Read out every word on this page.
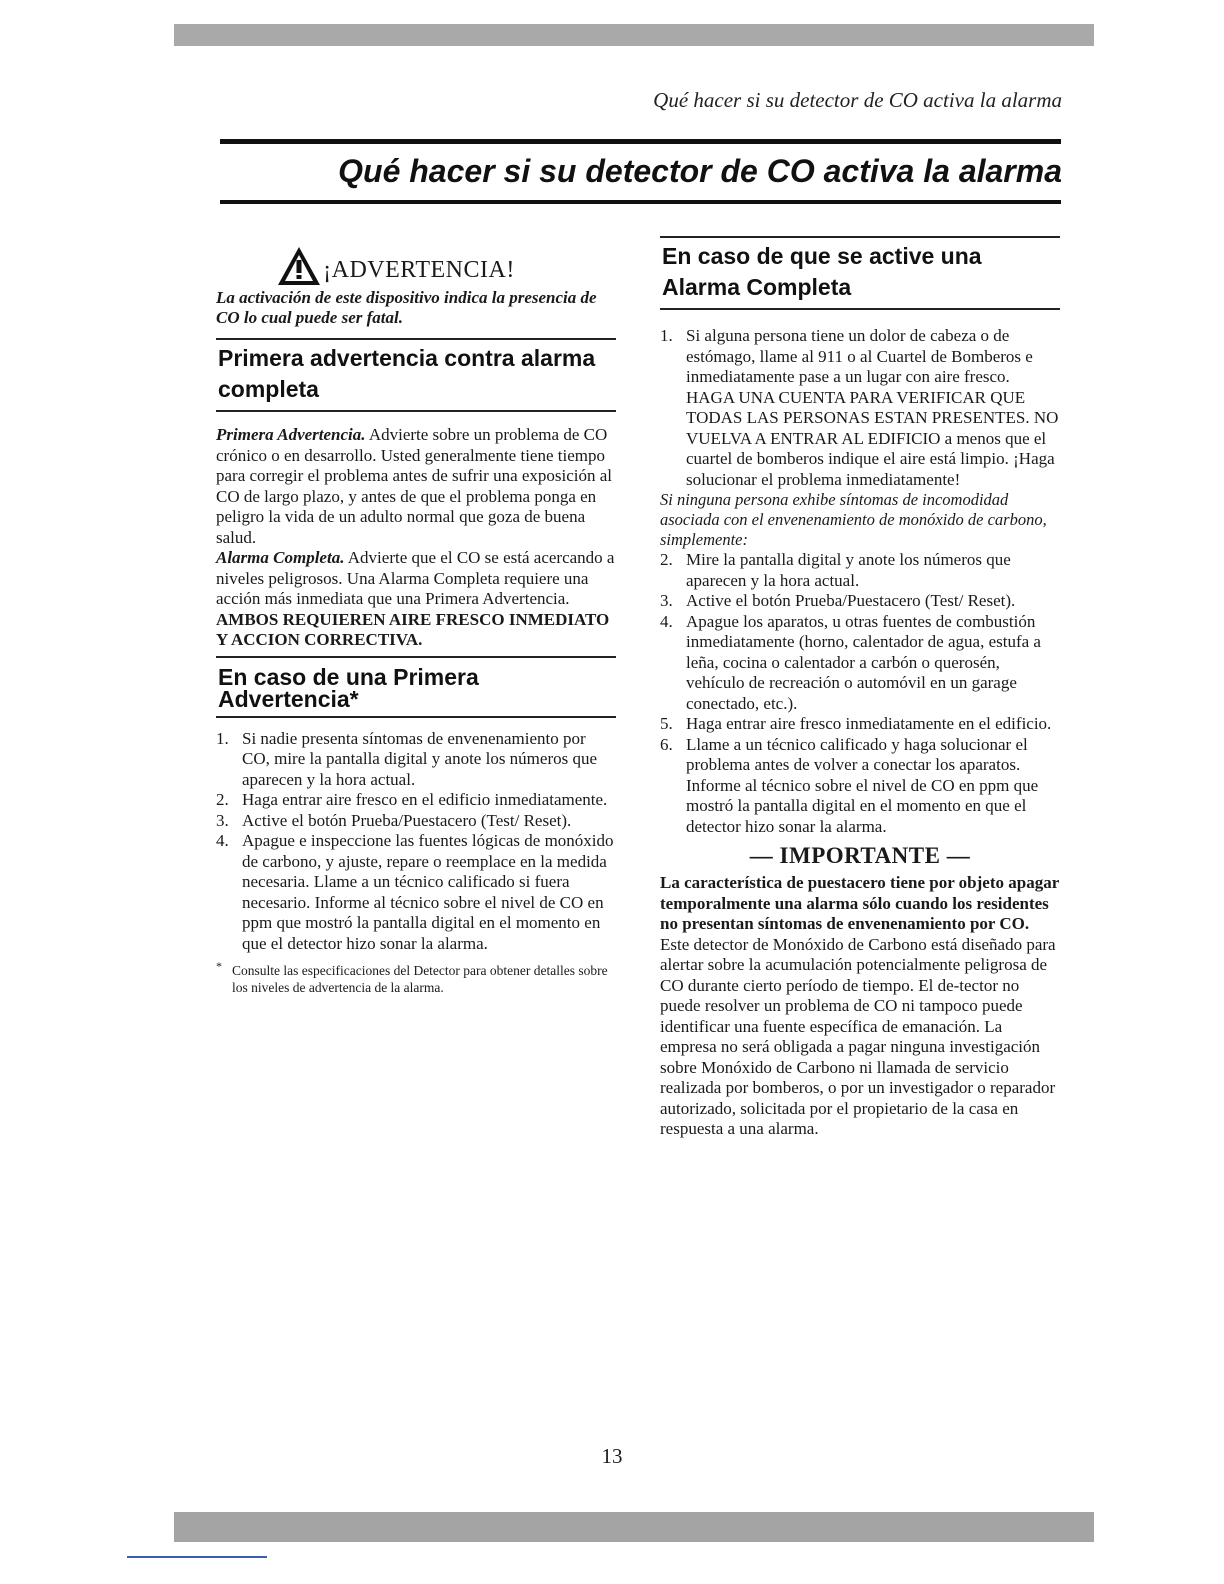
Qué hacer si su detector de CO activa la alarma
Qué hacer si su detector de CO activa la alarma
¡ADVERTENCIA!

La activación de este dispositivo indica la presencia de CO lo cual puede ser fatal.

Primera advertencia contra alarma completa

Primera Advertencia. Advierte sobre un problema de CO crónico o en desarrollo. Usted generalmente tiene tiempo para corregir el problema antes de sufrir una exposición al CO de largo plazo, y antes de que el problema ponga en peligro la vida de un adulto normal que goza de buena salud.

Alarma Completa. Advierte que el CO se está acercando a niveles peligrosos. Una Alarma Completa requiere una acción más inmediata que una Primera Advertencia.

AMBOS REQUIEREN AIRE FRESCO INMEDIATO Y ACCION CORRECTIVA.

En caso de una Primera Advertencia*
1. Si nadie presenta síntomas de envenenamiento por CO, mire la pantalla digital y anote los números que aparecen y la hora actual.
2. Haga entrar aire fresco en el edificio inmediatamente.
3. Active el botón Prueba/Puestacero (Test/ Reset).
4. Apague e inspeccione las fuentes lógicas de monóxido de carbono, y ajuste, repare o reemplace en la medida necesaria. Llame a un técnico calificado si fuera necesario. Informe al técnico sobre el nivel de CO en ppm que mostró la pantalla digital en el momento en que el detector hizo sonar la alarma.
* Consulte las especificaciones del Detector para obtener detalles sobre los niveles de advertencia de la alarma.
En caso de que se active una Alarma Completa
1. Si alguna persona tiene un dolor de cabeza o de estómago, llame al 911 o al Cuartel de Bomberos e inmediatamente pase a un lugar con aire fresco. HAGA UNA CUENTA PARA VERIFICAR QUE TODAS LAS PERSONAS ESTAN PRESENTES. NO VUELVA A ENTRAR AL EDIFICIO a menos que el cuartel de bomberos indique el aire está limpio. ¡Haga solucionar el problema inmediatamente!

Si ninguna persona exhibe síntomas de incomodidad asociada con el envenenamiento de monóxido de carbono, simplemente:

2. Mire la pantalla digital y anote los números que aparecen y la hora actual.
3. Active el botón Prueba/Puestacero (Test/ Reset).
4. Apague los aparatos, u otras fuentes de combustión inmediatamente (horno, calentador de agua, estufa a leña, cocina o calentador a carbón o querosén, vehículo de recreación o automóvil en un garage conectado, etc.).
5. Haga entrar aire fresco inmediatamente en el edificio.
6. Llame a un técnico calificado y haga solucionar el problema antes de volver a conectar los aparatos. Informe al técnico sobre el nivel de CO en ppm que mostró la pantalla digital en el momento en que el detector hizo sonar la alarma.
— IMPORTANTE —

La característica de puestacero tiene por objeto apagar temporalmente una alarma sólo cuando los residentes no presentan síntomas de envenenamiento por CO.

Este detector de Monóxido de Carbono está diseñado para alertar sobre la acumulación potencialmente peligrosa de CO durante cierto período de tiempo. El de-tector no puede resolver un problema de CO ni tampoco puede identificar una fuente específica de emanación. La empresa no será obligada a pagar ninguna investigación sobre Monóxido de Carbono ni llamada de servicio realizada por bomberos, o por un investigador o reparador autorizado, solicitada por el propietario de la casa en respuesta a una alarma.

13
